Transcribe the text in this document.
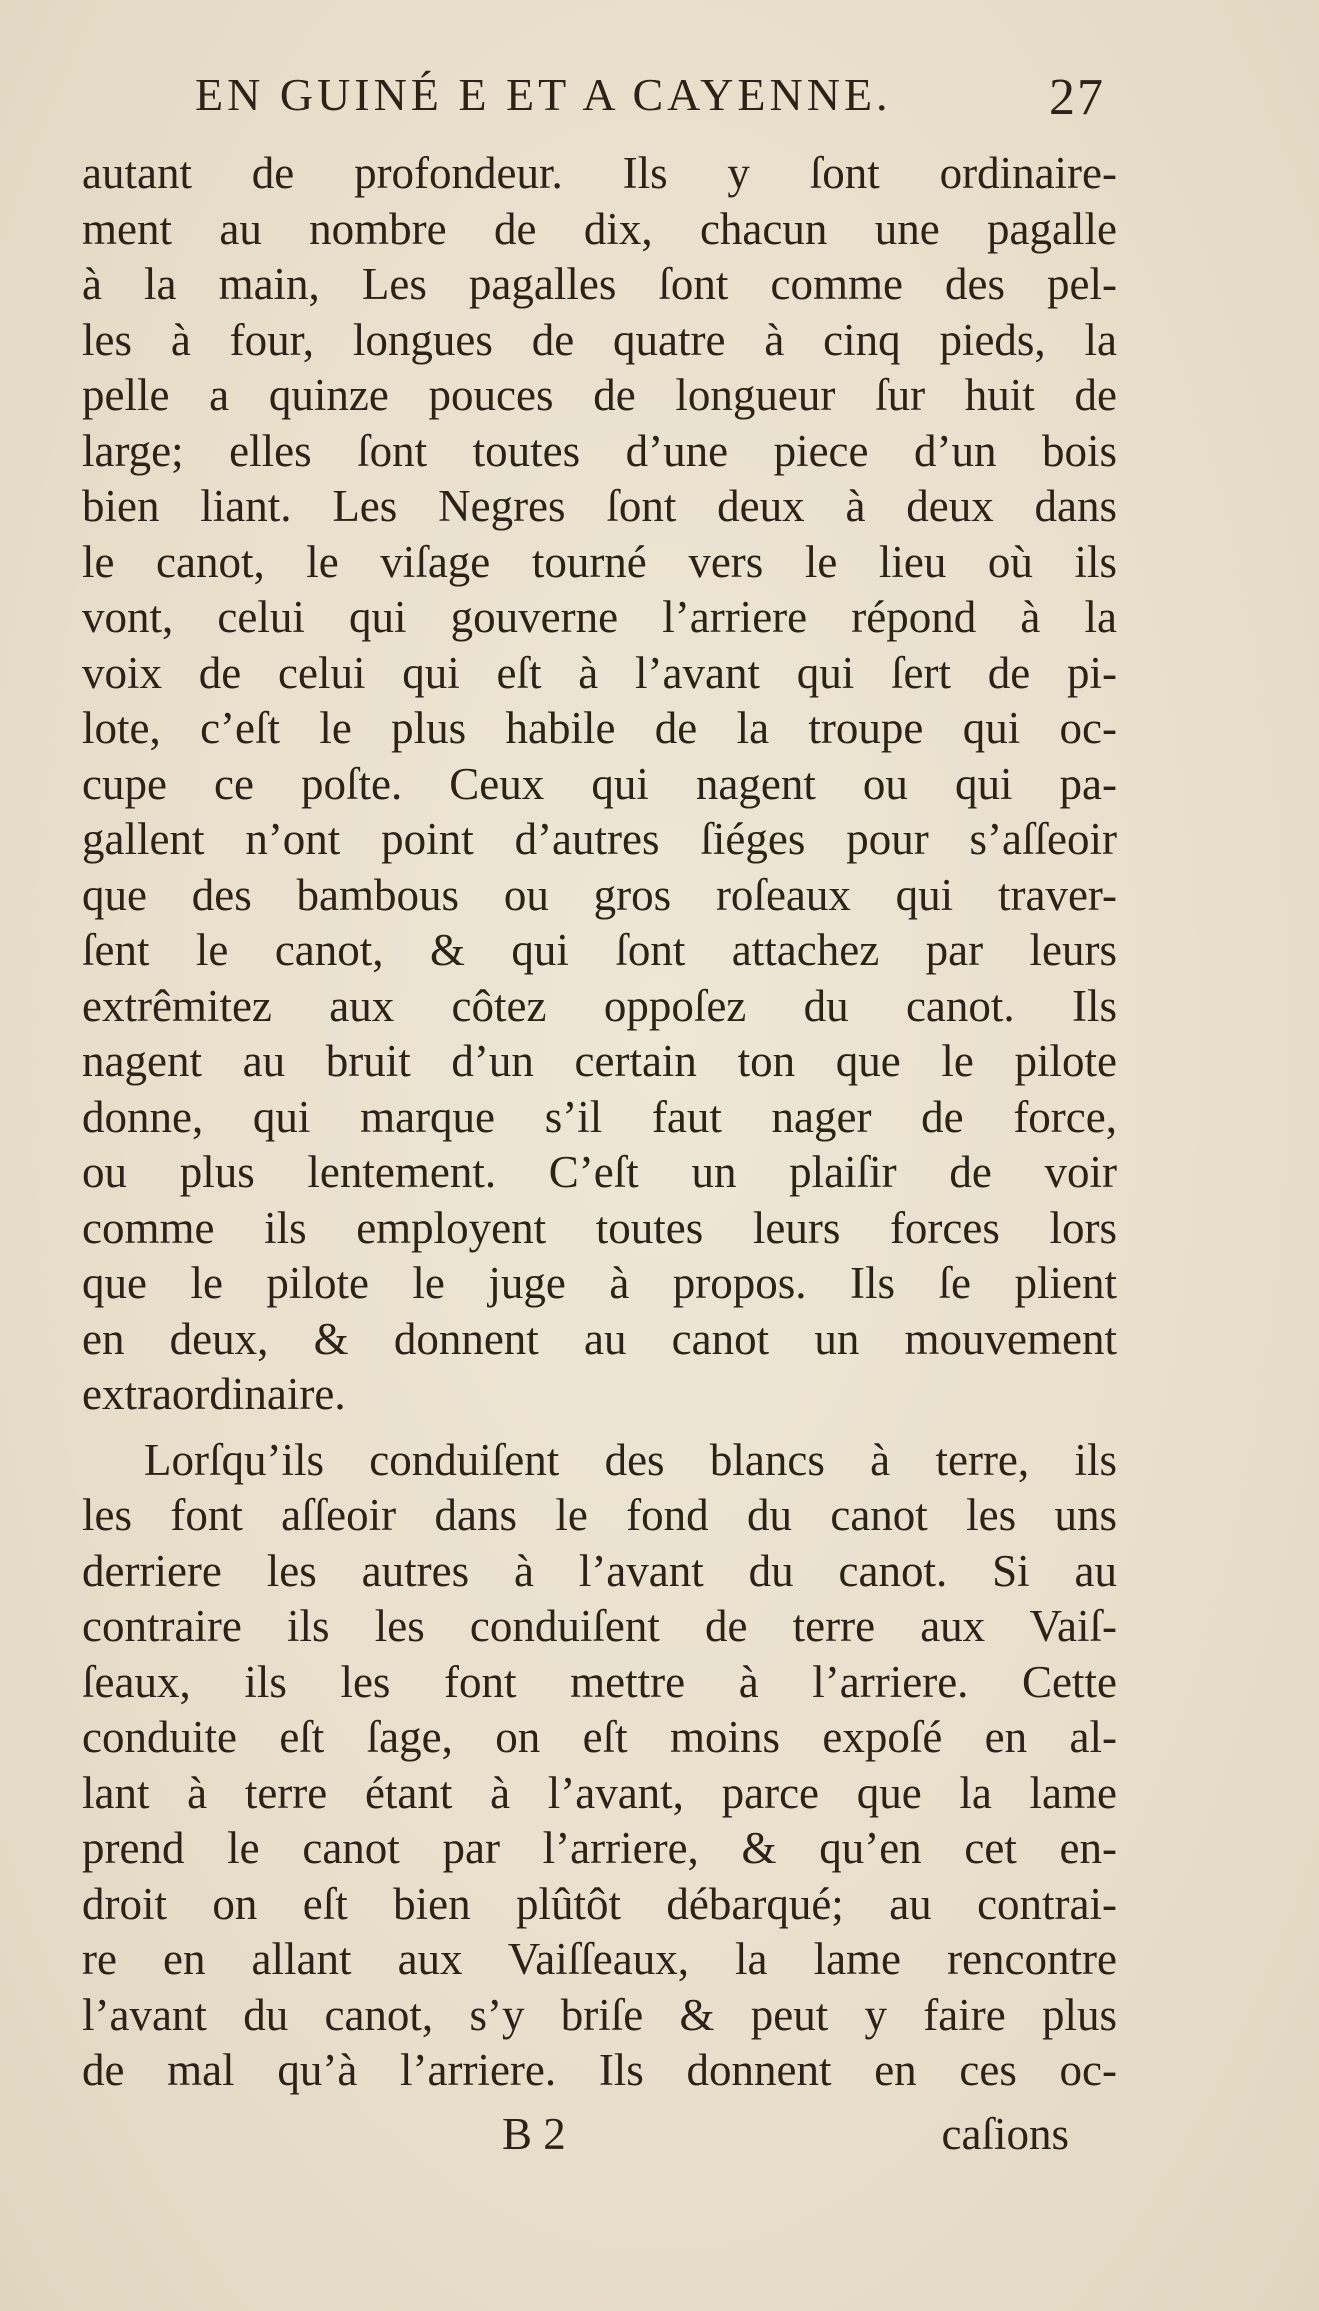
EN GUINÉ E ET A CAYENNE.	27
autant de profondeur. Ils y ſont ordinaire-
ment au nombre de dix, chacun une pagalle
à la main, Les pagalles ſont comme des pel-
les à four, longues de quatre à cinq pieds, la
pelle a quinze pouces de longueur ſur huit de
large; elles ſont toutes d’une piece d’un bois
bien liant. Les Negres ſont deux à deux dans
le canot, le viſage tourné vers le lieu où ils
vont, celui qui gouverne l’arriere répond à la
voix de celui qui eſt à l’avant qui ſert de pi-
lote, c’eſt le plus habile de la troupe qui oc-
cupe ce poſte. Ceux qui nagent ou qui pa-
gallent n’ont point d’autres ſiéges pour s’aſſeoir
que des bambous ou gros roſeaux qui traver-
ſent le canot, & qui ſont attachez par leurs
extrêmitez aux côtez oppoſez du canot. Ils
nagent au bruit d’un certain ton que le pilote
donne, qui marque s’il faut nager de force,
ou plus lentement. C’eſt un plaiſir de voir
comme ils employent toutes leurs forces lors
que le pilote le juge à propos. Ils ſe plient
en deux, & donnent au canot un mouvement
extraordinaire.
Lorſqu’ils conduiſent des blancs à terre, ils
les font aſſeoir dans le fond du canot les uns
derriere les autres à l’avant du canot. Si au
contraire ils les conduiſent de terre aux Vaiſ-
ſeaux, ils les font mettre à l’arriere. Cette
conduite eſt ſage, on eſt moins expoſé en al-
lant à terre étant à l’avant, parce que la lame
prend le canot par l’arriere, & qu’en cet en-
droit on eſt bien plûtôt débarqué; au contrai-
re en allant aux Vaiſſeaux, la lame rencontre
l’avant du canot, s’y briſe & peut y faire plus
de mal qu’à l’arriere. Ils donnent en ces oc-
B 2	caſions
